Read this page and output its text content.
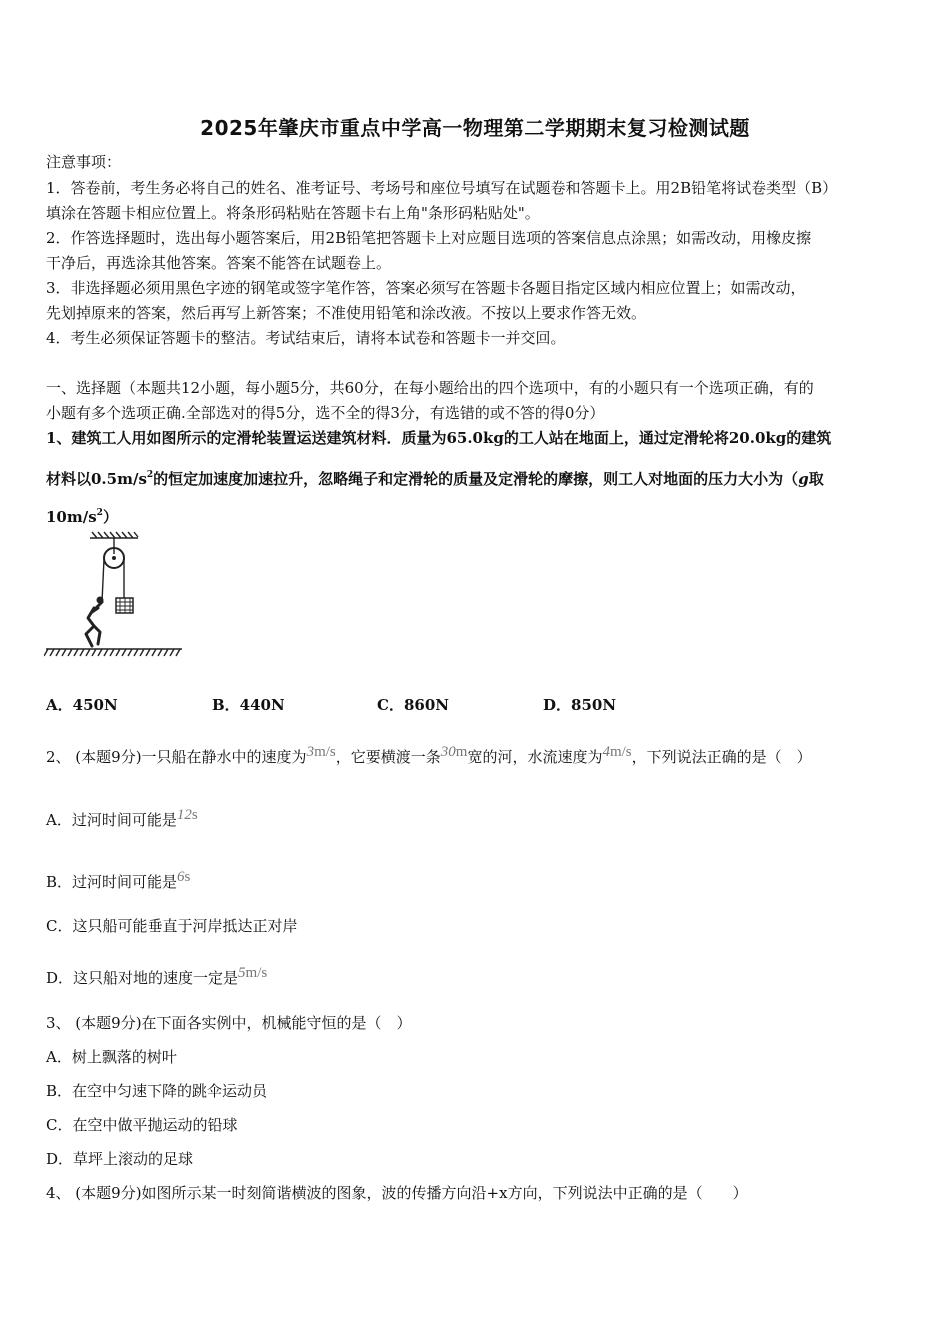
2025年肇庆市重点中学高一物理第二学期期末复习检测试题
注意事项：
1．答卷前，考生务必将自己的姓名、准考证号、考场号和座位号填写在试题卷和答题卡上。用2B铅笔将试卷类型（B）
填涂在答题卡相应位置上。将条形码粘贴在答题卡右上角"条形码粘贴处"。
2．作答选择题时，选出每小题答案后，用2B铅笔把答题卡上对应题目选项的答案信息点涂黑；如需改动，用橡皮擦
干净后，再选涂其他答案。答案不能答在试题卷上。
3．非选择题必须用黑色字迹的钢笔或签字笔作答，答案必须写在答题卡各题目指定区域内相应位置上；如需改动，
先划掉原来的答案，然后再写上新答案；不准使用铅笔和涂改液。不按以上要求作答无效。
4．考生必须保证答题卡的整洁。考试结束后，请将本试卷和答题卡一并交回。
一、选择题（本题共12小题，每小题5分，共60分，在每小题给出的四个选项中，有的小题只有一个选项正确，有的
小题有多个选项正确.全部选对的得5分，选不全的得3分，有选错的或不答的得0分）
1、建筑工人用如图所示的定滑轮装置运送建筑材料．质量为65.0kg的工人站在地面上，通过定滑轮将20.0kg的建筑
材料以$0.5m/s^2$的恒定加速度加速拉升，忽略绳子和定滑轮的质量及定滑轮的摩擦，则工人对地面的压力大小为（g取
$10m/s^2$）
A．450N	B．440N	C．860N	D．850N
2、 (本题9分)一只船在静水中的速度为3m/s，它要横渡一条30m宽的河，水流速度为4m/s，下列说法正确的是（　）
A．过河时间可能是12s
B．过河时间可能是6s
C．这只船可能垂直于河岸抵达正对岸
D．这只船对地的速度一定是5m/s
3、 (本题9分)在下面各实例中，机械能守恒的是（　）
A．树上飘落的树叶
B．在空中匀速下降的跳伞运动员
C．在空中做平抛运动的铅球
D．草坪上滚动的足球
4、 (本题9分)如图所示某一时刻简谐横波的图象，波的传播方向沿+x方向，下列说法中正确的是（　　）
